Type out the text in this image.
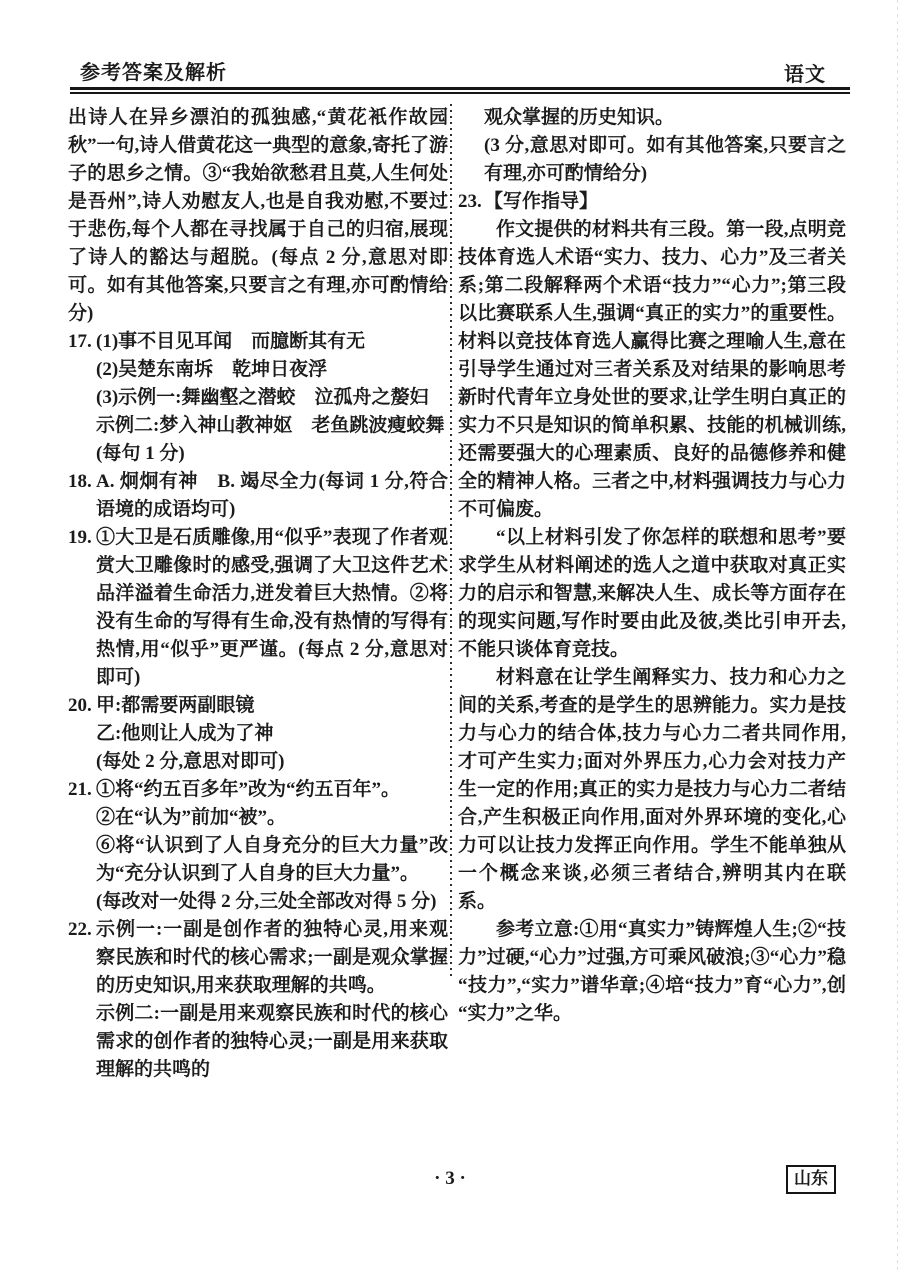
参考答案及解析	语文

出诗人在异乡漂泊的孤独感,“黄花衹作故园秋”一句,诗人借黄花这一典型的意象,寄托了游子的思乡之情。③“我始欲愁君且莫,人生何处是吾州”,诗人劝慰友人,也是自我劝慰,不要过于悲伤,每个人都在寻找属于自己的归宿,展现了诗人的豁达与超脱。(每点 2 分,意思对即可。如有其他答案,只要言之有理,亦可酌情给分)

17. (1)事不目见耳闻　而臆断其有无

(2)吴楚东南坼　乾坤日夜浮

(3)示例一:舞幽壑之潜蛟　泣孤舟之嫠妇

示例二:梦入神山教神妪　老鱼跳波瘦蛟舞

(每句 1 分)

18. A. 炯炯有神　B. 竭尽全力(每词 1 分,符合语境的成语均可)

19. ①大卫是石质雕像,用“似乎”表现了作者观赏大卫雕像时的感受,强调了大卫这件艺术品洋溢着生命活力,迸发着巨大热情。②将没有生命的写得有生命,没有热情的写得有热情,用“似乎”更严谨。(每点 2 分,意思对即可)

20. 甲:都需要两副眼镜

乙:他则让人成为了神

(每处 2 分,意思对即可)

21. ①将“约五百多年”改为“约五百年”。

②在“认为”前加“被”。

⑥将“认识到了人自身充分的巨大力量”改为“充分认识到了人自身的巨大力量”。

(每改对一处得 2 分,三处全部改对得 5 分)

22. 示例一:一副是创作者的独特心灵,用来观察民族和时代的核心需求;一副是观众掌握的历史知识,用来获取理解的共鸣。

示例二:一副是用来观察民族和时代的核心需求的创作者的独特心灵;一副是用来获取理解的共鸣的

观众掌握的历史知识。

(3 分,意思对即可。如有其他答案,只要言之有理,亦可酌情给分)

23. 【写作指导】

作文提供的材料共有三段。第一段,点明竞技体育选人术语“实力、技力、心力”及三者关系;第二段解释两个术语“技力”“心力”;第三段以比赛联系人生,强调“真正的实力”的重要性。材料以竞技体育选人赢得比赛之理喻人生,意在引导学生通过对三者关系及对结果的影响思考新时代青年立身处世的要求,让学生明白真正的实力不只是知识的简单积累、技能的机械训练,还需要强大的心理素质、良好的品德修养和健全的精神人格。三者之中,材料强调技力与心力不可偏废。

“以上材料引发了你怎样的联想和思考”要求学生从材料阐述的选人之道中获取对真正实力的启示和智慧,来解决人生、成长等方面存在的现实问题,写作时要由此及彼,类比引申开去,不能只谈体育竞技。

材料意在让学生阐释实力、技力和心力之间的关系,考查的是学生的思辨能力。实力是技力与心力的结合体,技力与心力二者共同作用,才可产生实力;面对外界压力,心力会对技力产生一定的作用;真正的实力是技力与心力二者结合,产生积极正向作用,面对外界环境的变化,心力可以让技力发挥正向作用。学生不能单独从一个概念来谈,必须三者结合,辨明其内在联系。

参考立意:①用“真实力”铸辉煌人生;②“技力”过硬,“心力”过强,方可乘风破浪;③“心力”稳“技力”,“实力”谱华章;④培“技力”育“心力”,创“实力”之华。

· 3 ·	山东
